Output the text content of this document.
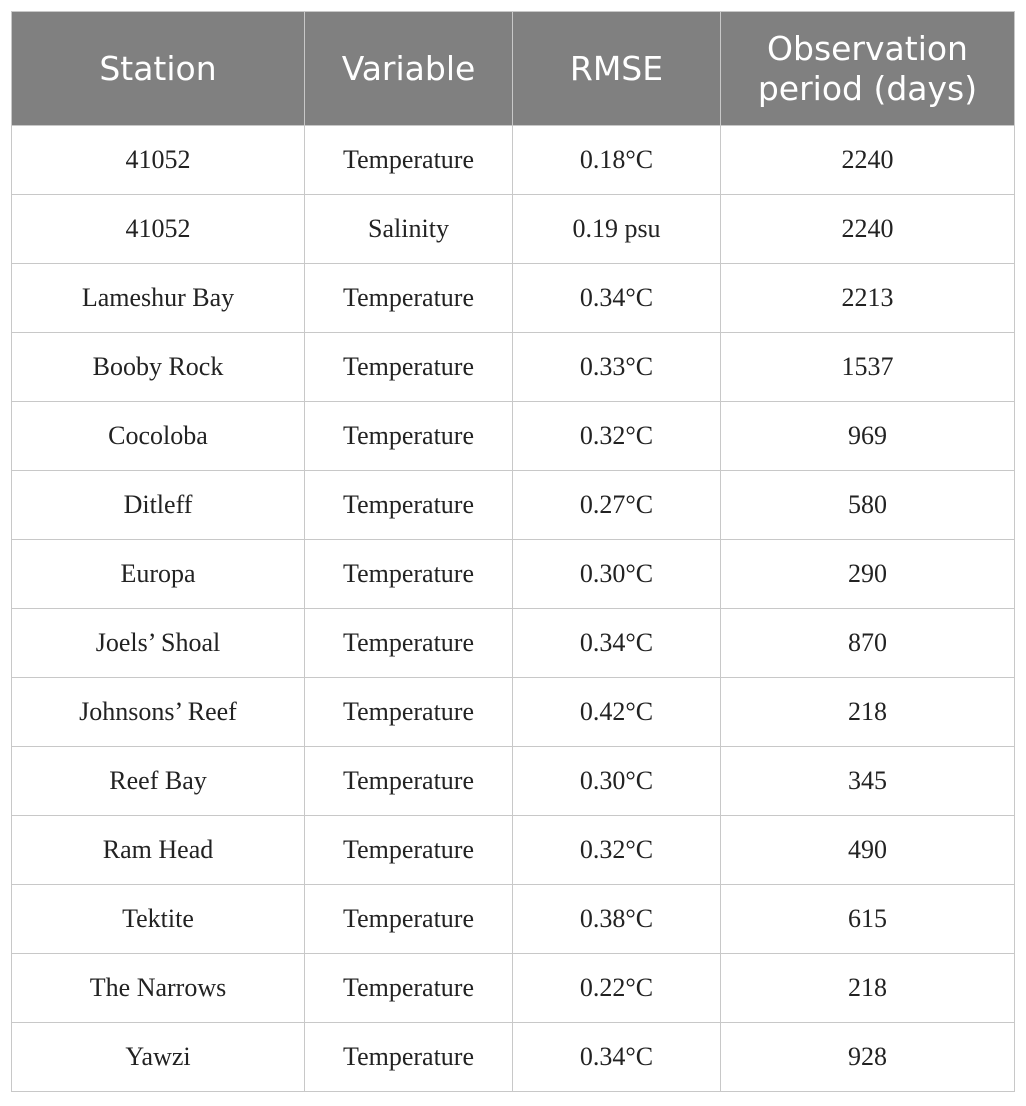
Station	Variable	RMSE	Observation period (days)
41052	Temperature	0.18°C	2240
41052	Salinity	0.19 psu	2240
Lameshur Bay	Temperature	0.34°C	2213
Booby Rock	Temperature	0.33°C	1537
Cocoloba	Temperature	0.32°C	969
Ditleff	Temperature	0.27°C	580
Europa	Temperature	0.30°C	290
Joels’ Shoal	Temperature	0.34°C	870
Johnsons’ Reef	Temperature	0.42°C	218
Reef Bay	Temperature	0.30°C	345
Ram Head	Temperature	0.32°C	490
Tektite	Temperature	0.38°C	615
The Narrows	Temperature	0.22°C	218
Yawzi	Temperature	0.34°C	928
